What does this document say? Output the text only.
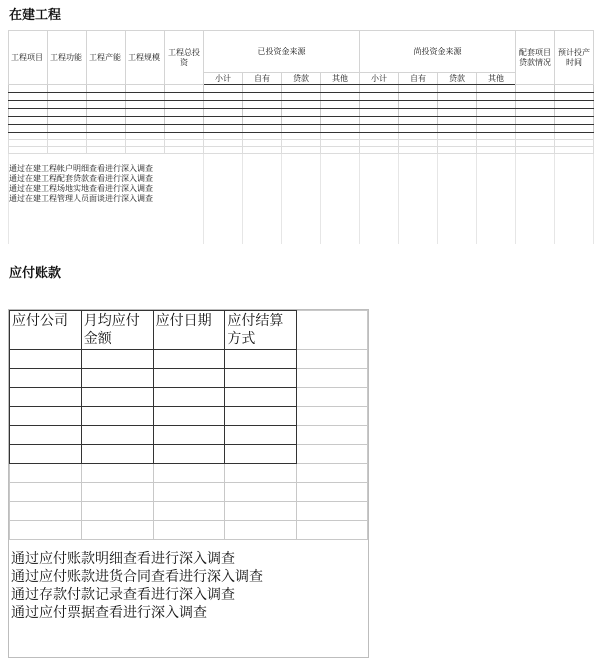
在建工程
工程项目	工程功能	工程产能	工程规模	工程总投资	已投资金来源				尚投资金来源				配套项目贷款情况	预计投产时间
					小计	自有	贷款	其他	小计	自有	贷款	其他		

通过在建工程帐户明细查看进行深入调查
通过在建工程配套贷款查看进行深入调查
通过在建工程场地实地查看进行深入调查
通过在建工程管理人员面谈进行深入调查														

应付账款
应付公司	月均应付金额	应付日期	应付结算方式	

通过应付账款明细查看进行深入调查
通过应付账款进货合同查看进行深入调查
通过存款付款记录查看进行深入调查
通过应付票据查看进行深入调查
